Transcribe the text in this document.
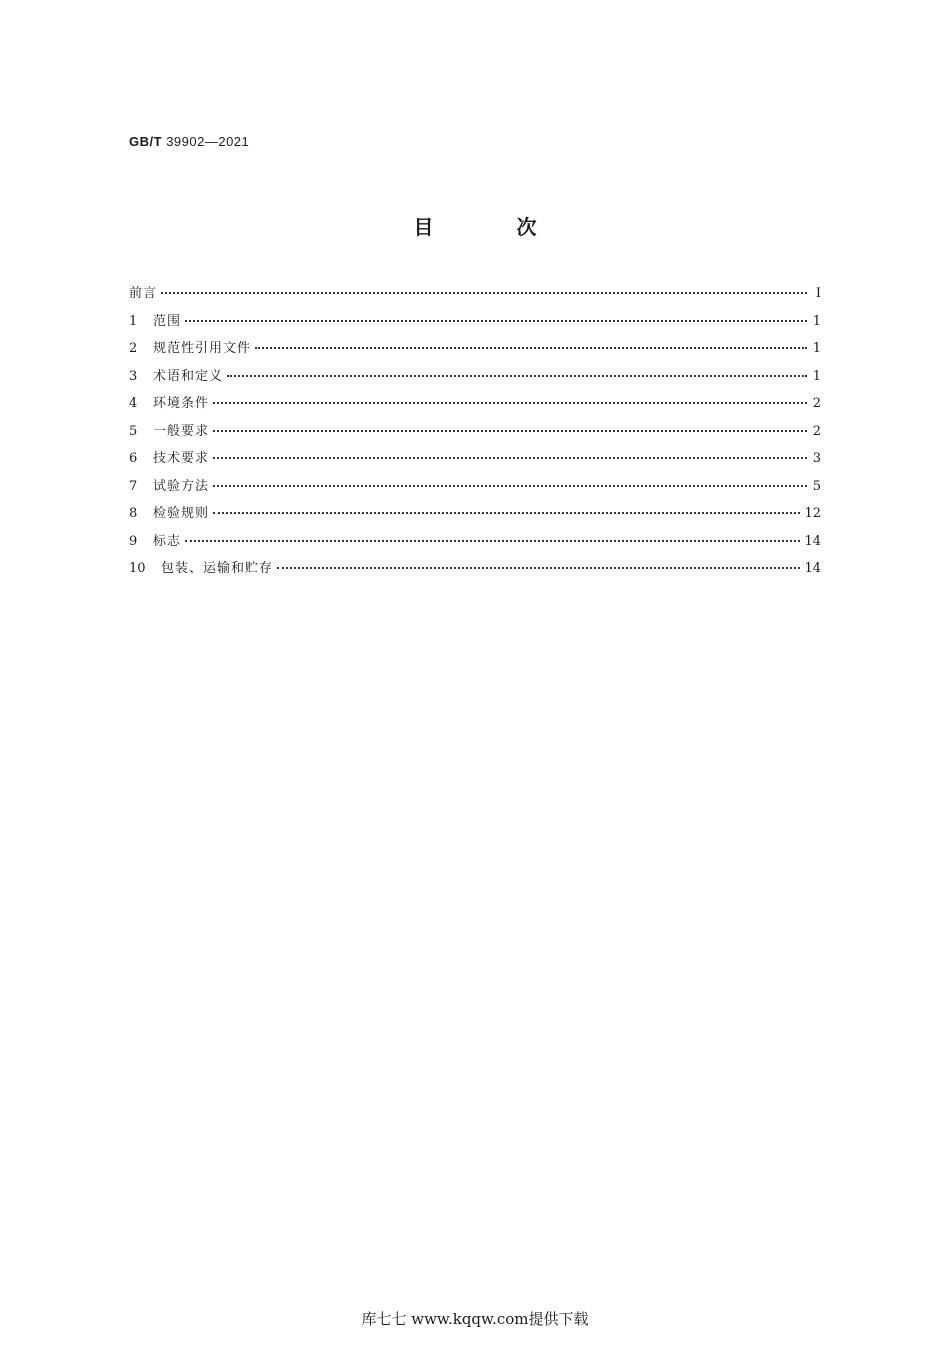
GB/T 39902—2021
目 次
前言	Ⅰ
1	范围	1
2	规范性引用文件	1
3	术语和定义	1
4	环境条件	2
5	一般要求	2
6	技术要求	3
7	试验方法	5
8	检验规则	12
9	标志	14
10	包装、运输和贮存	14
库七七 www.kqqw.com提供下载
